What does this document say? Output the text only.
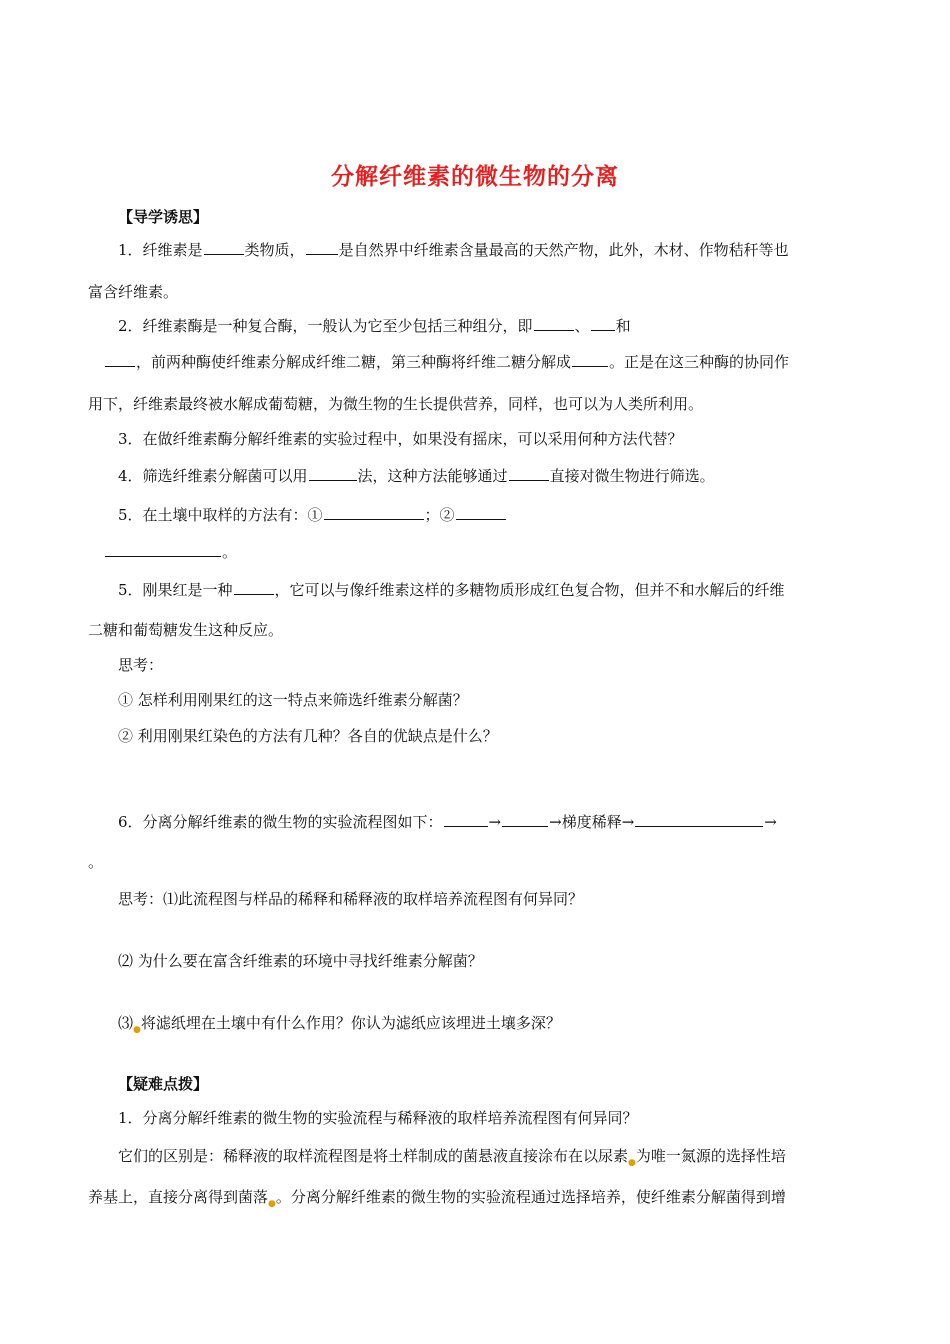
分解纤维素的微生物的分离
【导学诱思】
1．纤维素是	类物质， 是自然界中纤维素含量最高的天然产物，此外，木材、作物秸秆等也
富含纤维素。
2．纤维素酶是一种复合酶，一般认为它至少包括三种组分，即	、 和
，前两种酶使纤维素分解成纤维二糖，第三种酶将纤维二糖分解成	。正是在这三种酶的协同作
用下，纤维素最终被水解成葡萄糖，为微生物的生长提供营养，同样，也可以为人类所利用。
3．在做纤维素酶分解纤维素的实验过程中，如果没有摇床，可以采用何种方法代替？
4．筛选纤维素分解菌可以用	法，这种方法能够通过	直接对微生物进行筛选。
5．在土壤中取样的方法有：①	；②
。
5．刚果红是一种	，它可以与像纤维素这样的多糖物质形成红色复合物，但并不和水解后的纤维
二糖和葡萄糖发生这种反应。
思考：
① 怎样利用刚果红的这一特点来筛选纤维素分解菌？
② 利用刚果红染色的方法有几种？各自的优缺点是什么？
6．分离分解纤维素的微生物的实验流程图如下：	→	→梯度稀释→	→
。
思考：⑴此流程图与样品的稀释和稀释液的取样培养流程图有何异同？
⑵ 为什么要在富含纤维素的环境中寻找纤维素分解菌？
$⑶_●$将滤纸埋在土壤中有什么作用？你认为滤纸应该埋进土壤多深？
【疑难点拨】
1．分离分解纤维素的微生物的实验流程与稀释液的取样培养流程图有何异同？
它们的区别是：稀释液的取样流程图是将土样制成的菌悬液直接涂布在以尿素$_●$为唯一氮源的选择性培
养基上，直接分离得到菌落$_●$。分离分解纤维素的微生物的实验流程通过选择培养，使纤维素分解菌得到增
